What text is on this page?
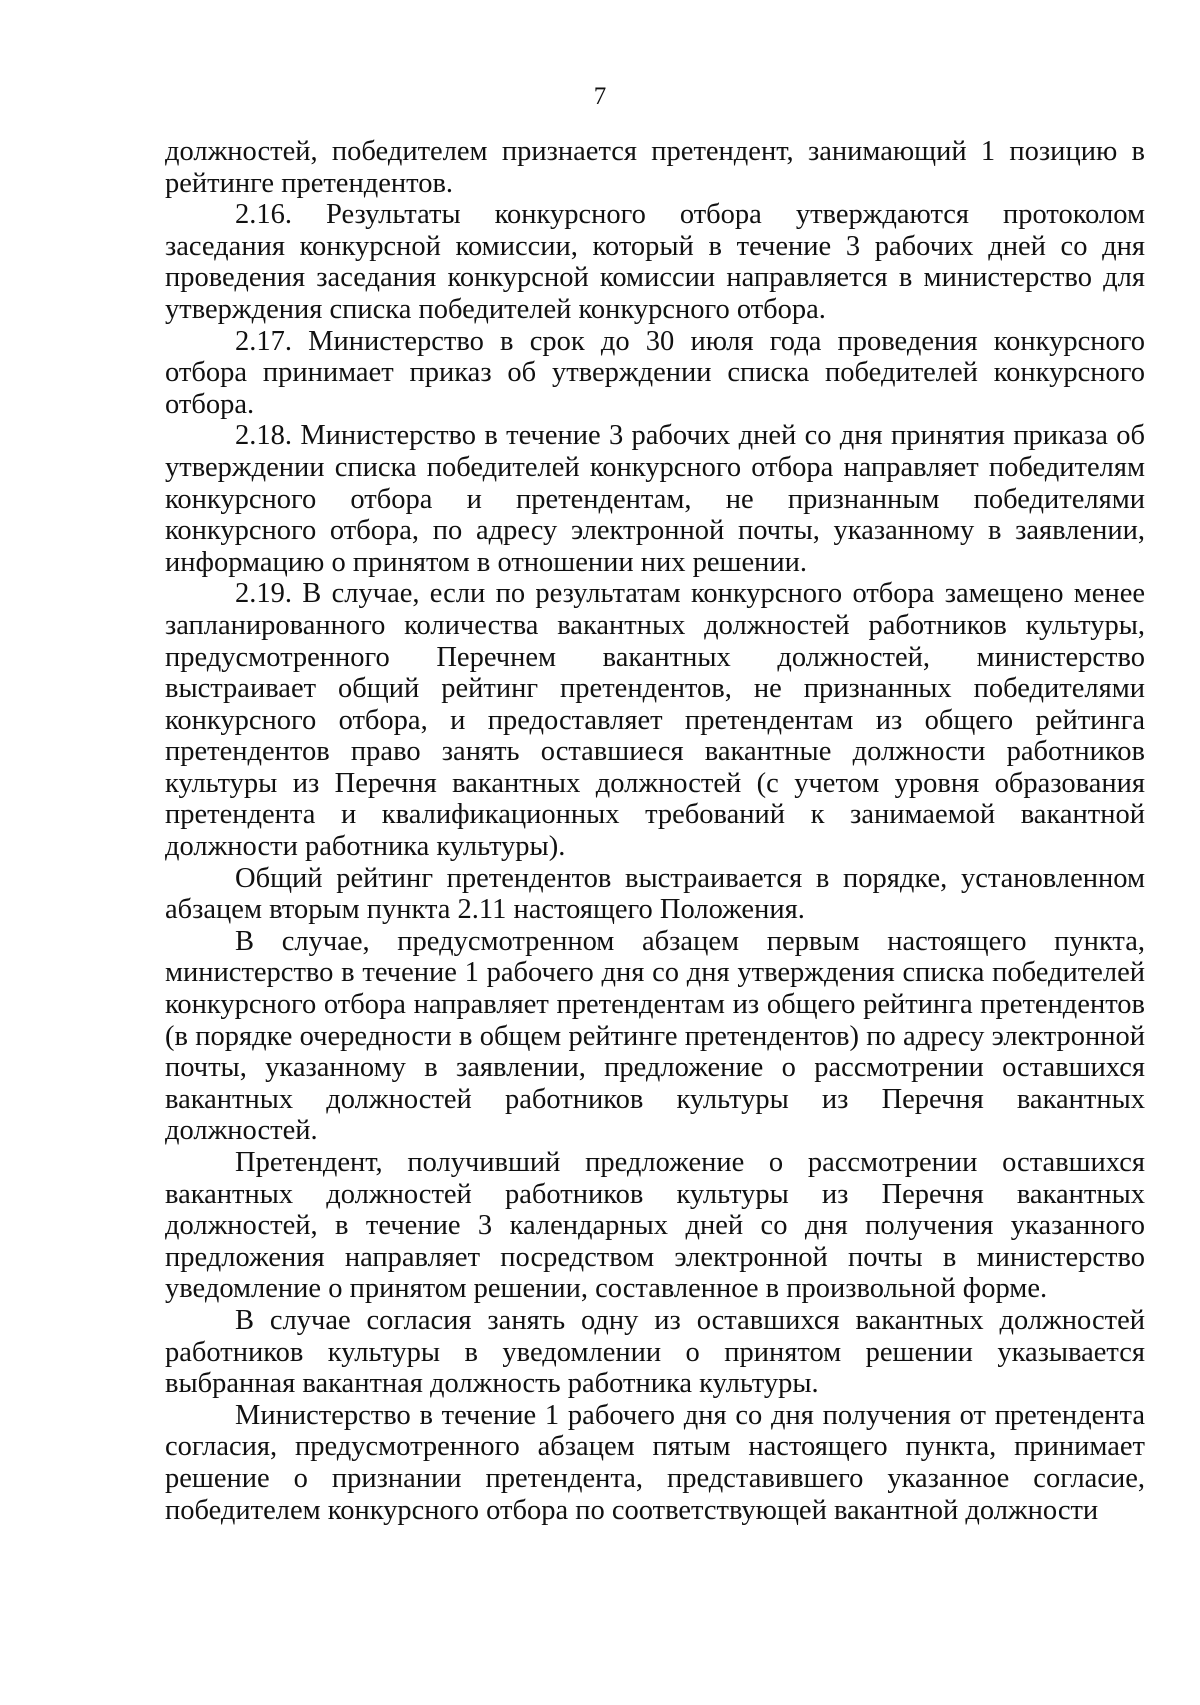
7
должностей, победителем признается претендент, занимающий 1 позицию в
рейтинге претендентов.
2.16. Результаты конкурсного отбора утверждаются протоколом
заседания конкурсной комиссии, который в течение 3 рабочих дней со дня
проведения заседания конкурсной комиссии направляется в министерство для
утверждения списка победителей конкурсного отбора.
2.17. Министерство в срок до 30 июля года проведения конкурсного
отбора принимает приказ об утверждении списка победителей конкурсного
отбора.
2.18. Министерство в течение 3 рабочих дней со дня принятия приказа об
утверждении списка победителей конкурсного отбора направляет победителям
конкурсного отбора и претендентам, не признанным победителями
конкурсного отбора, по адресу электронной почты, указанному в заявлении,
информацию о принятом в отношении них решении.
2.19. В случае, если по результатам конкурсного отбора замещено менее
запланированного количества вакантных должностей работников культуры,
предусмотренного Перечнем вакантных должностей, министерство
выстраивает общий рейтинг претендентов, не признанных победителями
конкурсного отбора, и предоставляет претендентам из общего рейтинга
претендентов право занять оставшиеся вакантные должности работников
культуры из Перечня вакантных должностей (с учетом уровня образования
претендента и квалификационных требований к занимаемой вакантной
должности работника культуры).
Общий рейтинг претендентов выстраивается в порядке, установленном
абзацем вторым пункта 2.11 настоящего Положения.
В случае, предусмотренном абзацем первым настоящего пункта,
министерство в течение 1 рабочего дня со дня утверждения списка победителей
конкурсного отбора направляет претендентам из общего рейтинга претендентов
(в порядке очередности в общем рейтинге претендентов) по адресу электронной
почты, указанному в заявлении, предложение о рассмотрении оставшихся
вакантных должностей работников культуры из Перечня вакантных
должностей.
Претендент, получивший предложение о рассмотрении оставшихся
вакантных должностей работников культуры из Перечня вакантных
должностей, в течение 3 календарных дней со дня получения указанного
предложения направляет посредством электронной почты в министерство
уведомление о принятом решении, составленное в произвольной форме.
В случае согласия занять одну из оставшихся вакантных должностей
работников культуры в уведомлении о принятом решении указывается
выбранная вакантная должность работника культуры.
Министерство в течение 1 рабочего дня со дня получения от претендента
согласия, предусмотренного абзацем пятым настоящего пункта, принимает
решение о признании претендента, представившего указанное согласие,
победителем конкурсного отбора по соответствующей вакантной должности
